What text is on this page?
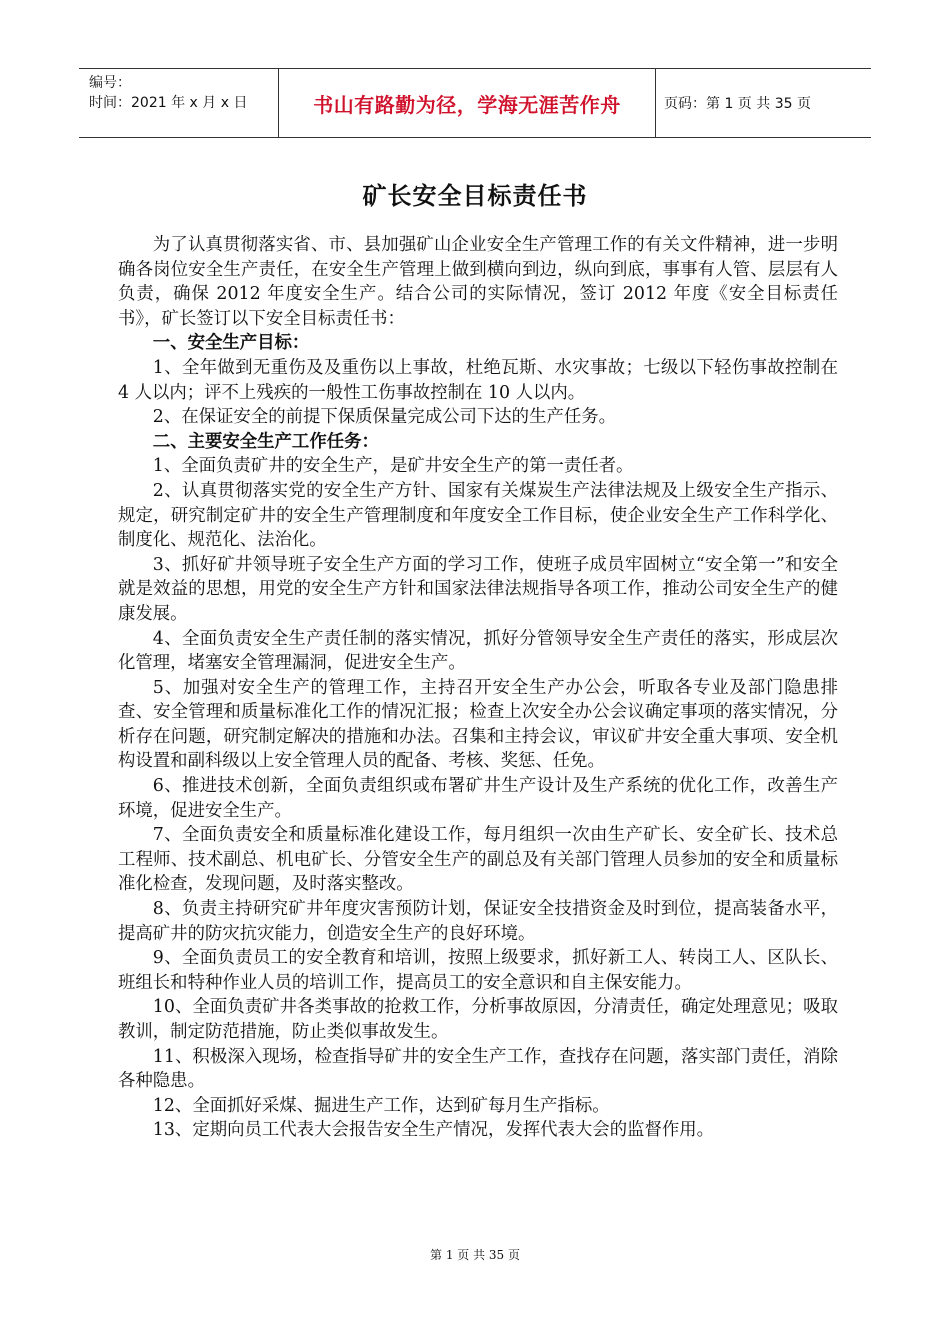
编号：
时间：2021 年 x 月 x 日	书山有路勤为径，学海无涯苦作舟	页码：第 1 页 共 35 页
矿长安全目标责任书

为了认真贯彻落实省、市、县加强矿山企业安全生产管理工作的有关文件精神，进一步明确各岗位安全生产责任，在安全生产管理上做到横向到边，纵向到底，事事有人管、层层有人负责，确保 2012 年度安全生产。结合公司的实际情况，签订 2012 年度《安全目标责任书》，矿长签订以下安全目标责任书：

一、安全生产目标：

1、全年做到无重伤及及重伤以上事故，杜绝瓦斯、水灾事故；七级以下轻伤事故控制在 4 人以内；评不上残疾的一般性工伤事故控制在 10 人以内。

2、在保证安全的前提下保质保量完成公司下达的生产任务。

二、主要安全生产工作任务：

1、全面负责矿井的安全生产，是矿井安全生产的第一责任者。

2、认真贯彻落实党的安全生产方针、国家有关煤炭生产法律法规及上级安全生产指示、规定，研究制定矿井的安全生产管理制度和年度安全工作目标，使企业安全生产工作科学化、制度化、规范化、法治化。

3、抓好矿井领导班子安全生产方面的学习工作，使班子成员牢固树立“安全第一”和安全就是效益的思想，用党的安全生产方针和国家法律法规指导各项工作，推动公司安全生产的健康发展。

4、全面负责安全生产责任制的落实情况，抓好分管领导安全生产责任的落实，形成层次化管理，堵塞安全管理漏洞，促进安全生产。

5、加强对安全生产的管理工作，主持召开安全生产办公会，听取各专业及部门隐患排查、安全管理和质量标准化工作的情况汇报；检查上次安全办公会议确定事项的落实情况，分析存在问题，研究制定解决的措施和办法。召集和主持会议，审议矿井安全重大事项、安全机构设置和副科级以上安全管理人员的配备、考核、奖惩、任免。

6、推进技术创新，全面负责组织或布署矿井生产设计及生产系统的优化工作，改善生产环境，促进安全生产。

7、全面负责安全和质量标准化建设工作，每月组织一次由生产矿长、安全矿长、技术总工程师、技术副总、机电矿长、分管安全生产的副总及有关部门管理人员参加的安全和质量标准化检查，发现问题，及时落实整改。

8、负责主持研究矿井年度灾害预防计划，保证安全技措资金及时到位，提高装备水平，提高矿井的防灾抗灾能力，创造安全生产的良好环境。

9、全面负责员工的安全教育和培训，按照上级要求，抓好新工人、转岗工人、区队长、班组长和特种作业人员的培训工作，提高员工的安全意识和自主保安能力。

10、全面负责矿井各类事故的抢救工作，分析事故原因，分清责任，确定处理意见；吸取教训，制定防范措施，防止类似事故发生。

11、积极深入现场，检查指导矿井的安全生产工作，查找存在问题，落实部门责任，消除各种隐患。

12、全面抓好采煤、掘进生产工作，达到矿每月生产指标。

13、定期向员工代表大会报告安全生产情况，发挥代表大会的监督作用。

第 1 页 共 35 页
